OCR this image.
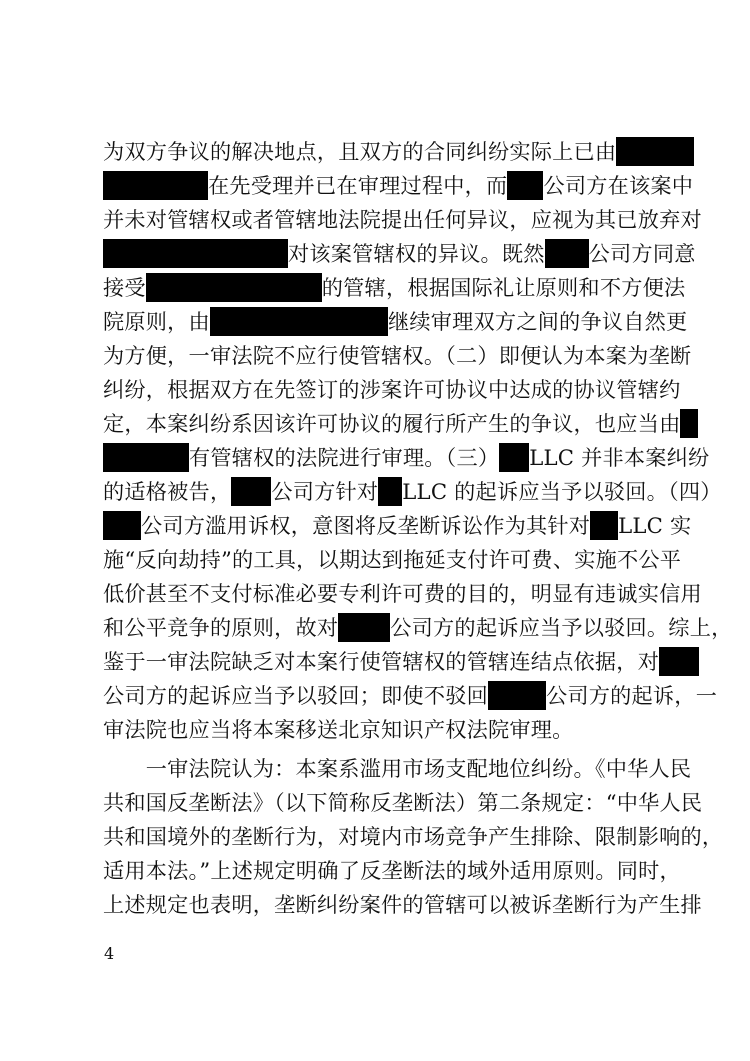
为双方争议的解决地点，且双方的合同纠纷实际上已由
在先受理并已在审理过程中，而 公司方在该案中
并未对管辖权或者管辖地法院提出任何异议，应视为其已放弃对
对该案管辖权的异议。既然 公司方同意
接受	的管辖，根据国际礼让原则和不方便法
院原则，由	继续审理双方之间的争议自然更
为方便，一审法院不应行使管辖权。（二）即便认为本案为垄断
纠纷，根据双方在先签订的涉案许可协议中达成的协议管辖约
定，本案纠纷系因该许可协议的履行所产生的争议，也应当由
有管辖权的法院进行审理。（三） LLC 并非本案纠纷
的适格被告， 公司方针对 LLC 的起诉应当予以驳回。（四）
公司方滥用诉权，意图将反垄断诉讼作为其针对 LLC 实
施“反向劫持”的工具，以期达到拖延支付许可费、实施不公平
低价甚至不支付标准必要专利许可费的目的，明显有违诚实信用
和公平竞争的原则，故对 公司方的起诉应当予以驳回。综上，
鉴于一审法院缺乏对本案行使管辖权的管辖连结点依据，对
公司方的起诉应当予以驳回；即使不驳回	公司方的起诉，一
审法院也应当将本案移送北京知识产权法院审理。
　　一审法院认为：本案系滥用市场支配地位纠纷。《中华人民
共和国反垄断法》（以下简称反垄断法）第二条规定：“中华人民
共和国境外的垄断行为，对境内市场竞争产生排除、限制影响的，
适用本法。”上述规定明确了反垄断法的域外适用原则。同时，
上述规定也表明，垄断纠纷案件的管辖可以被诉垄断行为产生排
4
